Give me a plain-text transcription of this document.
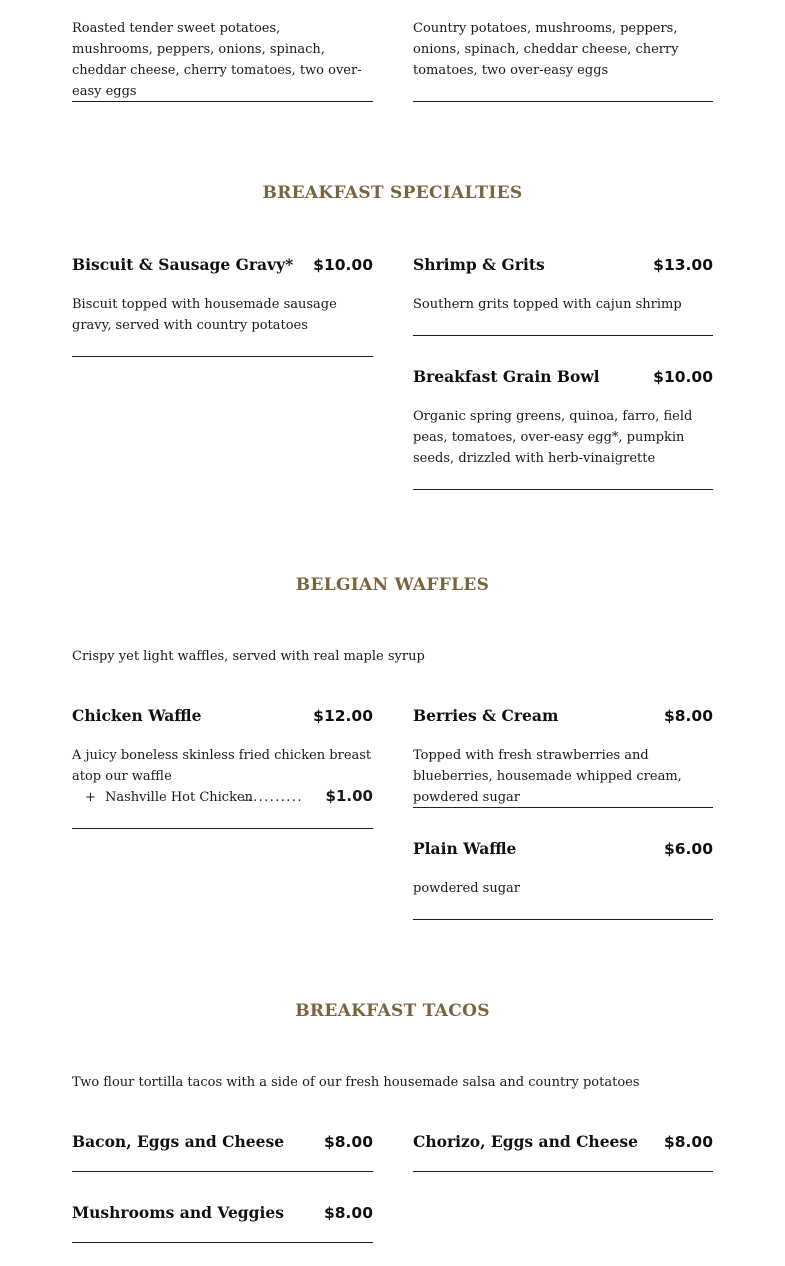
Roasted tender sweet potatoes, mushrooms, peppers, onions, spinach, cheddar cheese, cherry tomatoes, two over-easy eggs
Country potatoes, mushrooms, peppers, onions, spinach, cheddar cheese, cherry tomatoes, two over-easy eggs
BREAKFAST SPECIALTIES
Biscuit & Sausage Gravy*	$10.00
Biscuit topped with housemade sausage gravy, served with country potatoes
Shrimp & Grits	$13.00
Southern grits topped with cajun shrimp
Breakfast Grain Bowl	$10.00
Organic spring greens, quinoa, farro, field peas, tomatoes, over-easy egg*, pumpkin seeds, drizzled with herb-vinaigrette
BELGIAN WAFFLES
Crispy yet light waffles, served with real maple syrup
Chicken Waffle	$12.00
A juicy boneless skinless fried chicken breast atop our waffle
+ Nashville Hot Chicken
........... $1.00
Berries & Cream	$8.00
Topped with fresh strawberries and blueberries, housemade whipped cream, powdered sugar
Plain Waffle	$6.00
powdered sugar
BREAKFAST TACOS
Two flour tortilla tacos with a side of our fresh housemade salsa and country potatoes
Bacon, Eggs and Cheese	$8.00	Chorizo, Eggs and Cheese	$8.00
Mushrooms and Veggies	$8.00
